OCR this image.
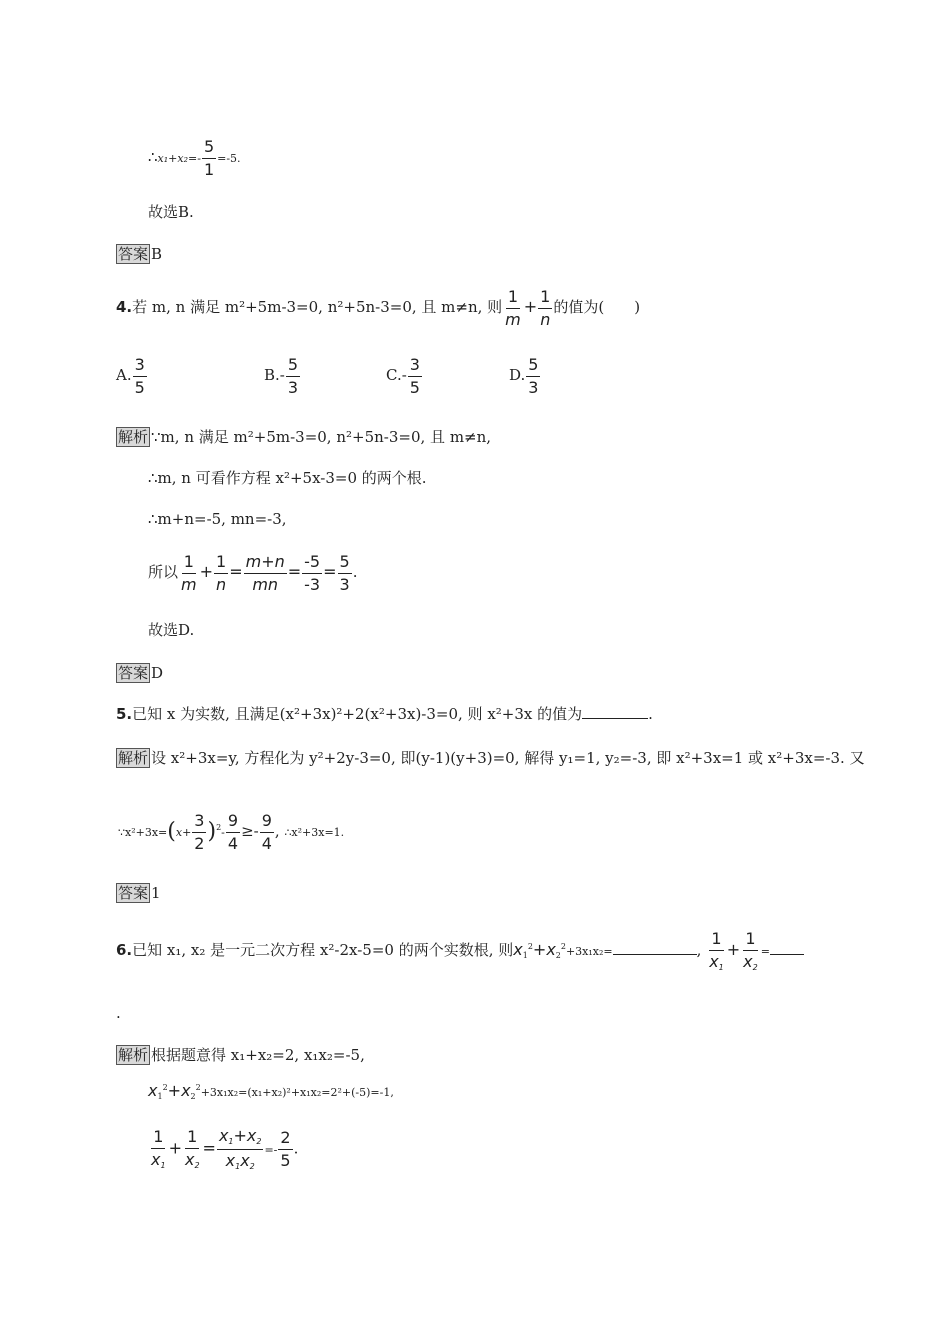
∴x₁+x₂=- $\frac{5}{1} =-5$.
故选B.
答案 B
4.若 m, n 满足 m²+5m-3=0, n²+5n-3=0, 且 m≠n, 则 $\frac{1}{m} + \frac{1}{n}$ 的值为(　　)
A. $\frac{3}{5}$	$B.- \frac{5}{3}$	$C.- \frac{3}{5}$	D. $\frac{5}{3}$
解析 ∵m, n 满足 m²+5m-3=0, n²+5n-3=0, 且 m≠n,
∴m, n 可看作方程 x²+5x-3=0 的两个根.
∴m+n=-5, mn=-3,
所以 $\frac{1}{m} + \frac{1}{n} = \frac{m+n}{mn} = \frac{-5}{-3} = \frac{5}{3}$ .
故选D.
答案 D
5.已知 x 为实数, 且满足(x²+3x)²+2(x²+3x)-3=0, 则 x²+3x 的值为	.
解析 设 x²+3x=y, 方程化为 y²+2y-3=0, 即(y-1)(y+3)=0, 解得 y₁=1, y₂=-3, 即 x²+3x=1 或 x²+3x=-3. 又
∵x²+3x=(x+ $\frac{3}{2} )^2- \frac{9}{4} \ge- \frac{9}{4}$ , ∴x²+3x=1.
答案 1
6.已知 x₁, x₂ 是一元二次方程 x²-2x-5=0 的两个实数根, 则$x_1^2+x_2^2+3x_1x_2=$	, $\frac{1}{x_1} + \frac{1}{x_2}$ =
.
解析 根据题意得 x₁+x₂=2, x₁x₂=-5,
$x_1^2+x_2^2+3x_1x_2=(x_1+x_2)^2+x_1x_2=2^2+(-5)=-1$,
$\frac{1}{x_1} + \frac{1}{x_2} = \frac{x_1+x_2}{x_1x_2} =- \frac{2}{5}$ .
